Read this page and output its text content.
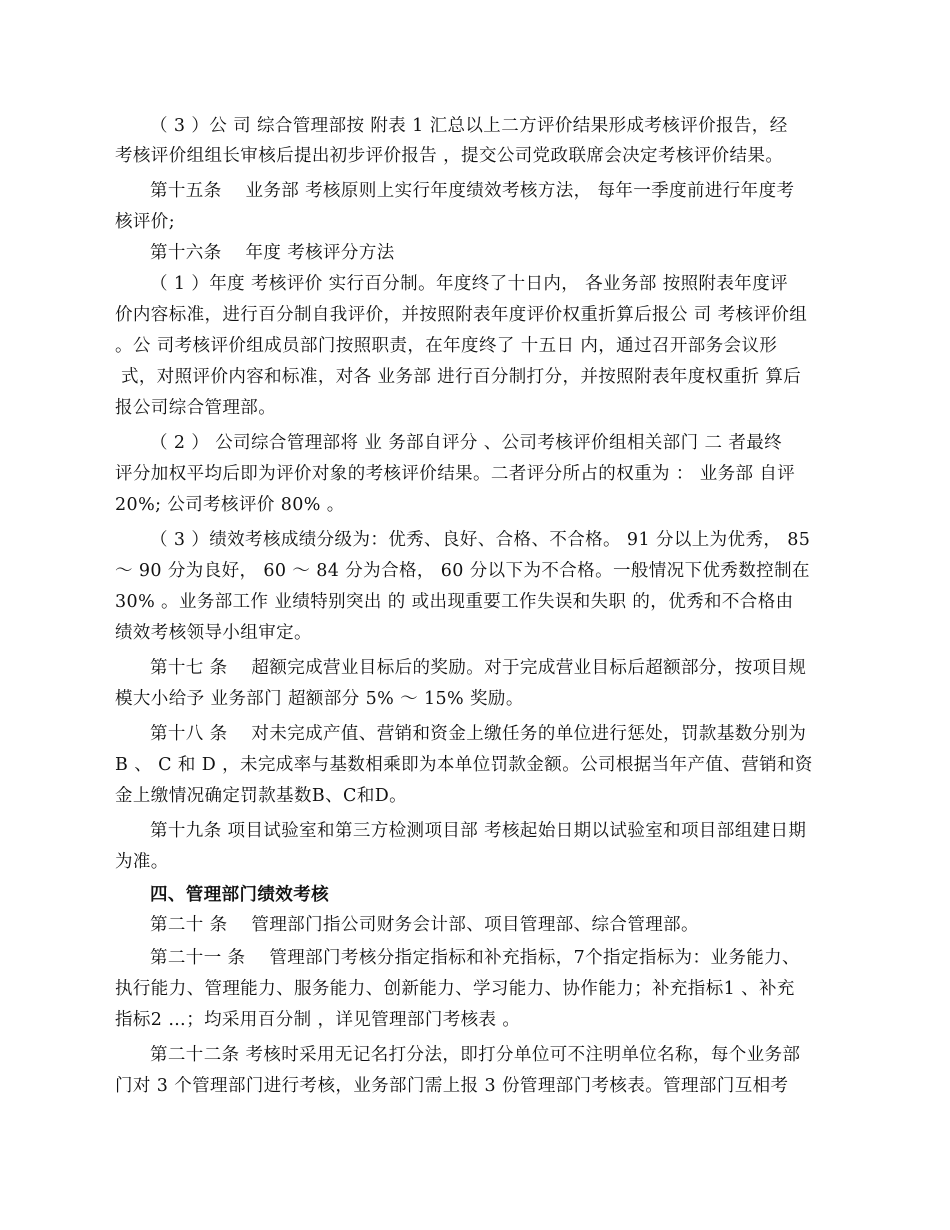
（ 3 ）公 司 综合管理部按 附表 1 汇总以上二方评价结果形成考核评价报告，经
考核评价组组长审核后提出初步评价报告 ，提交公司党政联席会决定考核评价结果。
第十五条　 业务部 考核原则上实行年度绩效考核方法， 每年一季度前进行年度考
核评价;
第十六条　 年度 考核评分方法
（ 1 ）年度 考核评价 实行百分制。年度终了十日内， 各业务部 按照附表年度评
价内容标准，进行百分制自我评价，并按照附表年度评价权重折算后报公 司 考核评价组
。公 司考核评价组成员部门按照职责，在年度终了 十五日 内，通过召开部务会议形
式，对照评价内容和标准，对各 业务部 进行百分制打分，并按照附表年度权重折 算后
报公司综合管理部。
（ 2 ） 公司综合管理部将 业 务部自评分 、公司考核评价组相关部门 二 者最终
评分加权平均后即为评价对象的考核评价结果。二者评分所占的权重为 ： 业务部 自评
20%; 公司考核评价 80% 。
（ 3 ）绩效考核成绩分级为：优秀、良好、合格、不合格。 91 分以上为优秀， 85
～ 90 分为良好， 60 ～ 84 分为合格， 60 分以下为不合格。一般情况下优秀数控制在
30% 。业务部工作 业绩特别突出 的 或出现重要工作失误和失职 的，优秀和不合格由
绩效考核领导小组审定。
第十七 条　 超额完成营业目标后的奖励。对于完成营业目标后超额部分，按项目规
模大小给予 业务部门 超额部分 5% ～ 15% 奖励。
第十八 条　 对未完成产值、营销和资金上缴任务的单位进行惩处，罚款基数分别为
B 、 C 和 D ，未完成率与基数相乘即为本单位罚款金额。公司根据当年产值、营销和资
金上缴情况确定罚款基数B、C和D。
第十九条 项目试验室和第三方检测项目部 考核起始日期以试验室和项目部组建日期
为准。
四、管理部门绩效考核
第二十 条　 管理部门指公司财务会计部、项目管理部、综合管理部。
第二十一 条　 管理部门考核分指定指标和补充指标，7个指定指标为：业务能力、
执行能力、管理能力、服务能力、创新能力、学习能力、协作能力；补充指标1 、补充
指标2 …；均采用百分制 ，详见管理部门考核表 。
第二十二条 考核时采用无记名打分法，即打分单位可不注明单位名称，每个业务部
门对 3 个管理部门进行考核，业务部门需上报 3 份管理部门考核表。管理部门互相考
